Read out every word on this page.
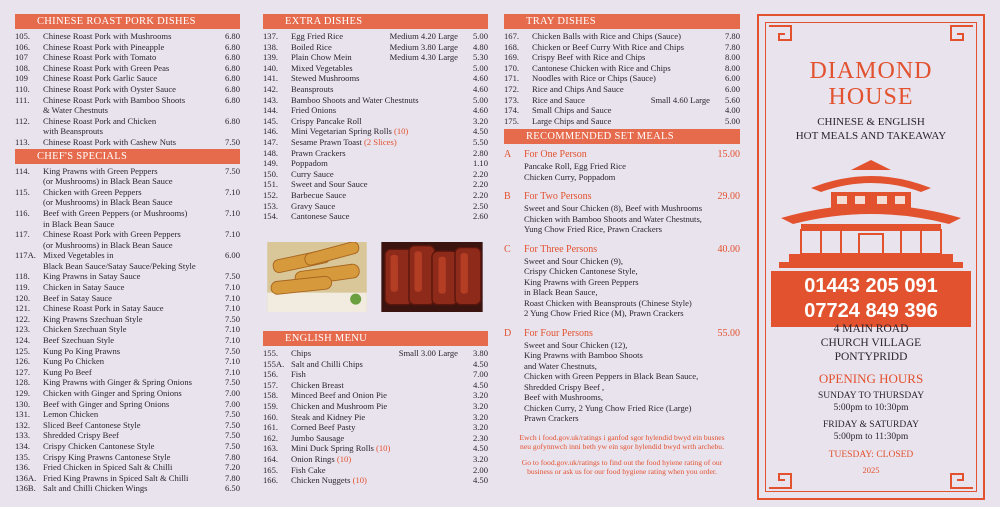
CHINESE ROAST PORK DISHES
105.	Chinese Roast Pork with Mushrooms	6.80
106.	Chinese Roast Pork with Pineapple	6.80
107	Chinese Roast Pork with Tomato	6.80
108.	Chinese Roast Pork with Green Peas	6.80
109	Chinese Roast Pork Garlic Sauce	6.80
110.	Chinese Roast Pork with Oyster Sauce	6.80
111.	Chinese Roast Pork with Bamboo Shoots	6.80
& Water Chestnuts
112.	Chinese Roast Pork and Chicken	6.80
with Beansprouts
113.	Chinese Roast Pork with Cashew Nuts	7.50
CHEF'S SPECIALS
114.	King Prawns with Green Peppers	7.50
(or Mushrooms) in Black Bean Sauce
115.	Chicken with Green Peppers	7.10
(or Mushrooms) in Black Bean Sauce
116.	Beef with Green Peppers (or Mushrooms)	7.10
in Black Bean Sauce
117.	Chinese Roast Pork with Green Peppers	7.10
(or Mushrooms) in Black Bean Sauce
117A. Mixed Vegetables in	6.00
Black Bean Sauce/Satay Sauce/Peking Style
118.	King Prawns in Satay Sauce	7.50
119.	Chicken in Satay Sauce	7.10
120.	Beef in Satay Sauce	7.10
121.	Chinese Roast Pork in Satay Sauce	7.10
122.	King Prawns Szechuan Style	7.50
123.	Chicken Szechuan Style	7.10
124.	Beef Szechuan Style	7.10
125.	Kung Po King Prawns	7.50
126.	Kung Po Chicken	7.10
127.	Kung Po Beef	7.10
128.	King Prawns with Ginger & Spring Onions	7.50
129.	Chicken with Ginger and Spring Onions	7.00
130.	Beef with Ginger and Spring Onions	7.00
131.	Lemon Chicken	7.50
132.	Sliced Beef Cantonese Style	7.50
133.	Shredded Crispy Beef	7.50
134.	Crispy Chicken Cantonese Style	7.50
135.	Crispy King Prawns Cantonese Style	7.80
136.	Fried Chicken in Spiced Salt & Chilli	7.20
136A. Fried King Prawns in Spiced Salt & Chilli	7.80
136B. Salt and Chilli Chicken Wings	6.50
EXTRA DISHES
137.	Egg Fried Rice	Medium 4.20 Large	5.00
138.	Boiled Rice	Medium 3.80 Large	4.80
139.	Plain Chow Mein	Medium 4.30 Large	5.30
140.	Mixed Vegetables	5.00
141.	Stewed Mushrooms	4.60
142.	Beansprouts	4.60
143.	Bamboo Shoots and Water Chestnuts	5.00
144.	Fried Onions	4.60
145.	Crispy Pancake Roll	3.20
146.	Mini Vegetarian Spring Rolls (10)	4.50
147.	Sesame Prawn Toast (2 Slices)	5.50
148.	Prawn Crackers	2.80
149.	Poppadom	1.10
150.	Curry Sauce	2.20
151.	Sweet and Sour Sauce	2.20
152.	Barbecue Sauce	2.20
153.	Gravy Sauce	2.50
154.	Cantonese Sauce	2.60
ENGLISH MENU
155.	Chips	Small 3.00 Large	3.80
155A. Salt and Chilli Chips	4.50
156.	Fish	7.00
157.	Chicken Breast	4.50
158.	Minced Beef and Onion Pie	3.20
159.	Chicken and Mushroom Pie	3.20
160.	Steak and Kidney Pie	3.20
161.	Corned Beef Pasty	3.20
162.	Jumbo Sausage	2.30
163.	Mini Duck Spring Rolls (10)	4.50
164.	Onion Rings (10)	3.20
165.	Fish Cake	2.00
166.	Chicken Nuggets (10)	4.50
TRAY DISHES
167.	Chicken Balls with Rice and Chips (Sauce)	7.80
168.	Chicken or Beef Curry With Rice and Chips	7.80
169.	Crispy Beef with Rice and Chips	8.00
170.	Cantonese Chicken with Rice and Chips	8.00
171.	Noodles with Rice or Chips (Sauce)	6.00
172.	Rice and Chips And Sauce	6.00
173.	Rice and Sauce	Small 4.60 Large	5.60
174.	Small Chips and Sauce	4.00
175.	Large Chips and Sauce	5.00
RECOMMENDED SET MEALS
A	For One Person	15.00
Pancake Roll, Egg Fried Rice
Chicken Curry, Poppadom
B	For Two Persons	29.00
Sweet and Sour Chicken (8), Beef with Mushrooms
Chicken with Bamboo Shoots and Water Chestnuts,
Yung Chow Fried Rice, Prawn Crackers
C	For Three Persons	40.00
Sweet and Sour Chicken (9),
Crispy Chicken Cantonese Style,
King Prawns with Green Peppers
in Black Bean Sauce,
Roast Chicken with Beansprouts (Chinese Style)
2 Yung Chow Fried Rice (M), Prawn Crackers
D	For Four Persons	55.00
Sweet and Sour Chicken (12),
King Prawns with Bamboo Shoots
and Water Chestnuts,
Chicken with Green Peppers in Black Bean Sauce,
Shredded Crispy Beef ,
Beef with Mushrooms,
Chicken Curry, 2 Yung Chow Fried Rice (Large)
Prawn Crackers
Ewch i food.gov.uk/ratings i ganfod sgor hylendid bwyd ein busnes
neu gofynnwch inni beth yw ein sgor hylendid bwyd wrth archebu.
Go to food.gov.uk/ratings to find out the food hyiene rating of our
business or ask us for our food hygiene rating when you order.
DIAMOND
HOUSE
CHINESE & ENGLISH
HOT MEALS AND TAKEAWAY
01443 205 091
07724 849 396
4 MAIN ROAD
CHURCH VILLAGE
PONTYPRIDD
OPENING HOURS
SUNDAY TO THURSDAY
5:00pm to 10:30pm
FRIDAY & SATURDAY
5:00pm to 11:30pm
TUESDAY: CLOSED
2025
